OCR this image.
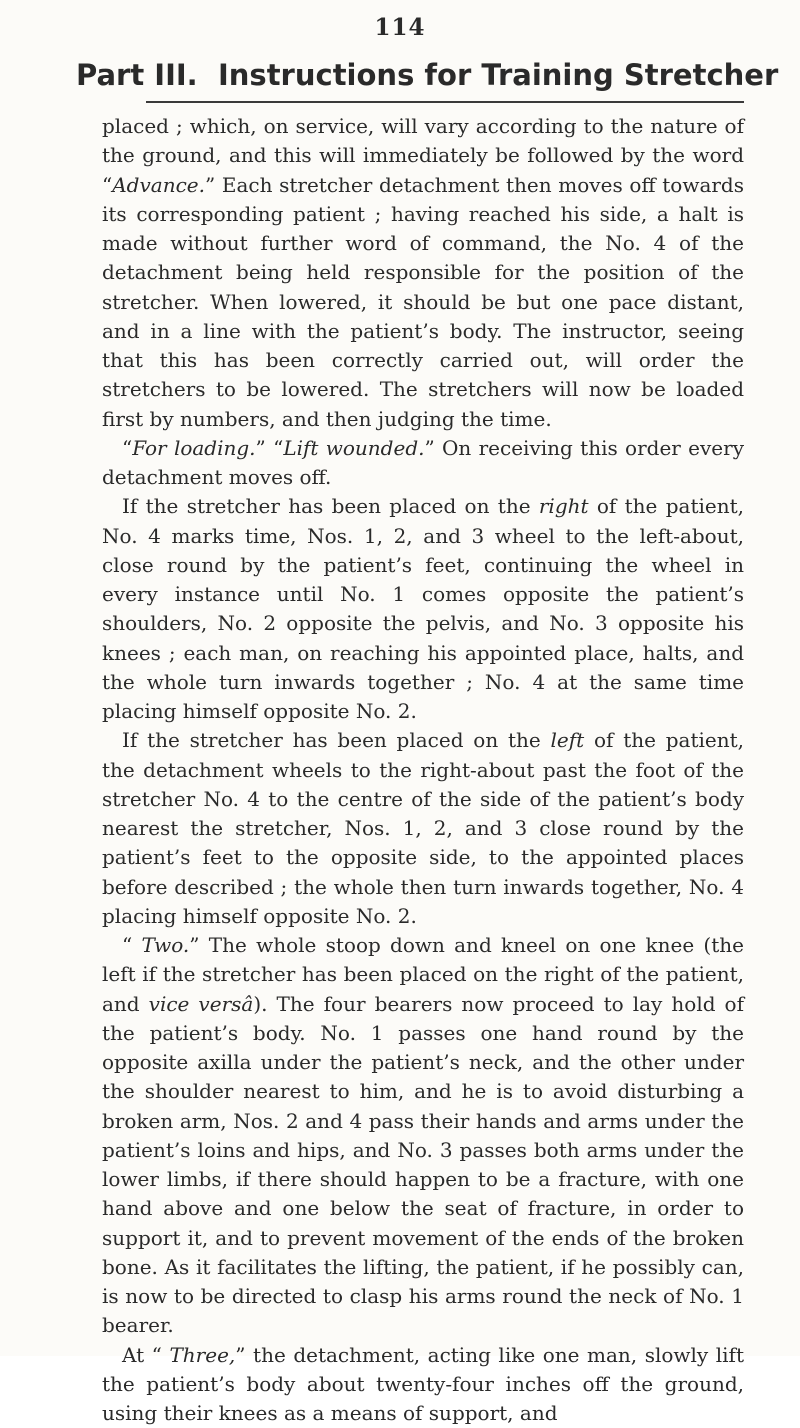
114
Part III. Instructions for Training Stretcher

placed ; which, on service, will vary according to the nature of the ground, and this will immediately be followed by the word “Advance.” Each stretcher detachment then moves off towards its corresponding patient ; having reached his side, a halt is made without further word of command, the No. 4 of the detachment being held responsible for the position of the stretcher. When lowered, it should be but one pace distant, and in a line with the patient’s body. The instructor, seeing that this has been correctly carried out, will order the stretchers to be lowered. The stretchers will now be loaded first by numbers, and then judging the time.

“For loading.” “Lift wounded.” On receiving this order every detachment moves off.

If the stretcher has been placed on the right of the patient, No. 4 marks time, Nos. 1, 2, and 3 wheel to the left-about, close round by the patient’s feet, continuing the wheel in every instance until No. 1 comes opposite the patient’s shoulders, No. 2 opposite the pelvis, and No. 3 opposite his knees ; each man, on reaching his appointed place, halts, and the whole turn inwards together ; No. 4 at the same time placing himself opposite No. 2.

If the stretcher has been placed on the left of the patient, the detachment wheels to the right-about past the foot of the stretcher No. 4 to the centre of the side of the patient’s body nearest the stretcher, Nos. 1, 2, and 3 close round by the patient’s feet to the opposite side, to the appointed places before described ; the whole then turn inwards together, No. 4 placing himself opposite No. 2.

“ Two.” The whole stoop down and kneel on one knee (the left if the stretcher has been placed on the right of the patient, and vice versâ). The four bearers now proceed to lay hold of the patient’s body. No. 1 passes one hand round by the opposite axilla under the patient’s neck, and the other under the shoulder nearest to him, and he is to avoid disturbing a broken arm, Nos. 2 and 4 pass their hands and arms under the patient’s loins and hips, and No. 3 passes both arms under the lower limbs, if there should happen to be a fracture, with one hand above and one below the seat of fracture, in order to support it, and to prevent movement of the ends of the broken bone. As it facilitates the lifting, the patient, if he possibly can, is now to be directed to clasp his arms round the neck of No. 1 bearer.

At “ Three,” the detachment, acting like one man, slowly lift the patient’s body about twenty-four inches off the ground, using their knees as a means of support, and
